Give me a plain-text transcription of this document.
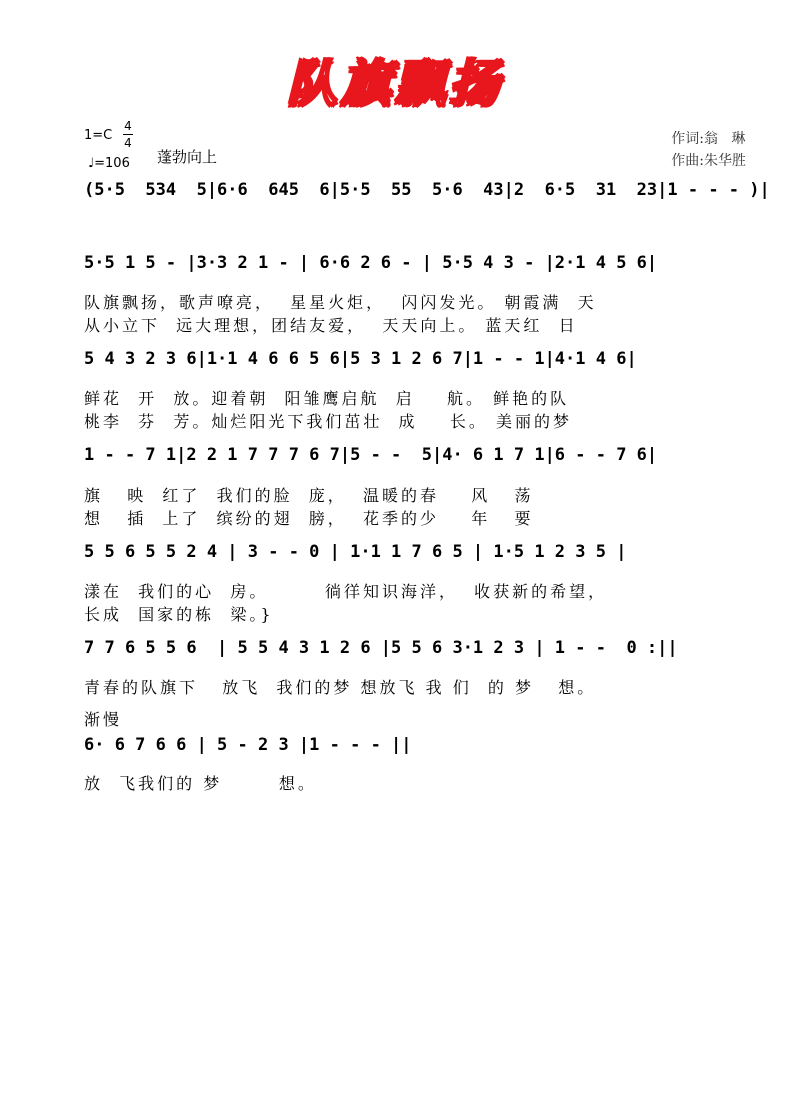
队旗飘扬
1=C
4
4
♩=106 蓬勃向上
作词:翁   琳
作曲:朱华胜
(5·5  534  5|6·6  645  6|5·5  55  5·6  43|2  6·5  31  23|1 - - - )|
5·5 1 5 - |3·3 2 1 - | 6·6 2 6 - | 5·5 4 3 - |2·1 4 5 6|
队旗飘扬，歌声嘹亮，  星星火炬，  闪闪发光。 朝霞满  天
从小立下  远大理想，团结友爱，  天天向上。 蓝天红  日
5 4 3 2 3 6|1·1 4 6 6 5 6|5 3 1 2 6 7|1 - - 1|4·1 4 6|
鲜花  开  放。迎着朝  阳雏鹰启航  启    航。 鲜艳的队
桃李  芬  芳。灿烂阳光下我们茁壮  成    长。 美丽的梦
1 - - 7 1|2 2 1 7 7 7 6 7|5 - -  5|4· 6 1 7 1|6 - - 7 6|
旗   映  红了  我们的脸  庞，  温暖的春    风   荡
想   插  上了  缤纷的翅  膀，  花季的少    年   要
5 5 6 5 5 2 4 | 3 - - 0 | 1·1 1 7 6 5 | 1·5 1 2 3 5 |
漾在  我们的心  房。       徜徉知识海洋，  收获新的希望，
长成  国家的栋  梁。}
7 7 6 5 5 6  | 5 5 4 3 1 2 6 |5 5 6 3·1 2 3 | 1 - -  0 :||
青春的队旗下   放飞  我们的梦 想放飞 我 们  的 梦   想。
渐慢
6· 6 7 6 6 | 5 - 2 3 |1 - - - ||
放  飞我们的 梦       想。
